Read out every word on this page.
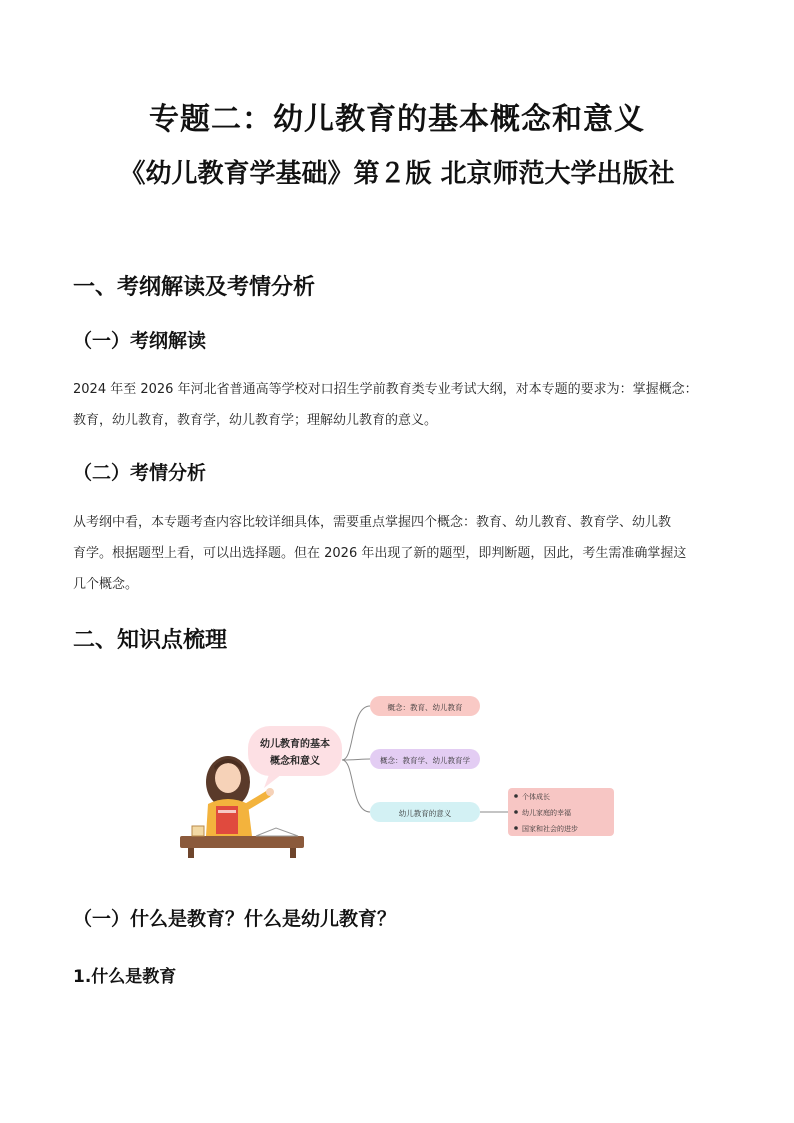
专题二：幼儿教育的基本概念和意义
《幼儿教育学基础》第２版 北京师范大学出版社
一、考纲解读及考情分析
（一）考纲解读
2024 年至 2026 年河北省普通高等学校对口招生学前教育类专业考试大纲，对本专题的要求为：掌握概念：
教育，幼儿教育，教育学，幼儿教育学；理解幼儿教育的意义。
（二）考情分析
从考纲中看，本专题考查内容比较详细具体，需要重点掌握四个概念：教育、幼儿教育、教育学、幼儿教
育学。根据题型上看，可以出选择题。但在 2026 年出现了新的题型，即判断题，因此，考生需准确掌握这
几个概念。
二、知识点梳理
幼儿教育的基本
概念和意义
概念：教育、幼儿教育
概念：教育学、幼儿教育学
幼儿教育的意义
个体成长
幼儿家庭的幸福
国家和社会的进步
（一）什么是教育？什么是幼儿教育？
1.什么是教育
